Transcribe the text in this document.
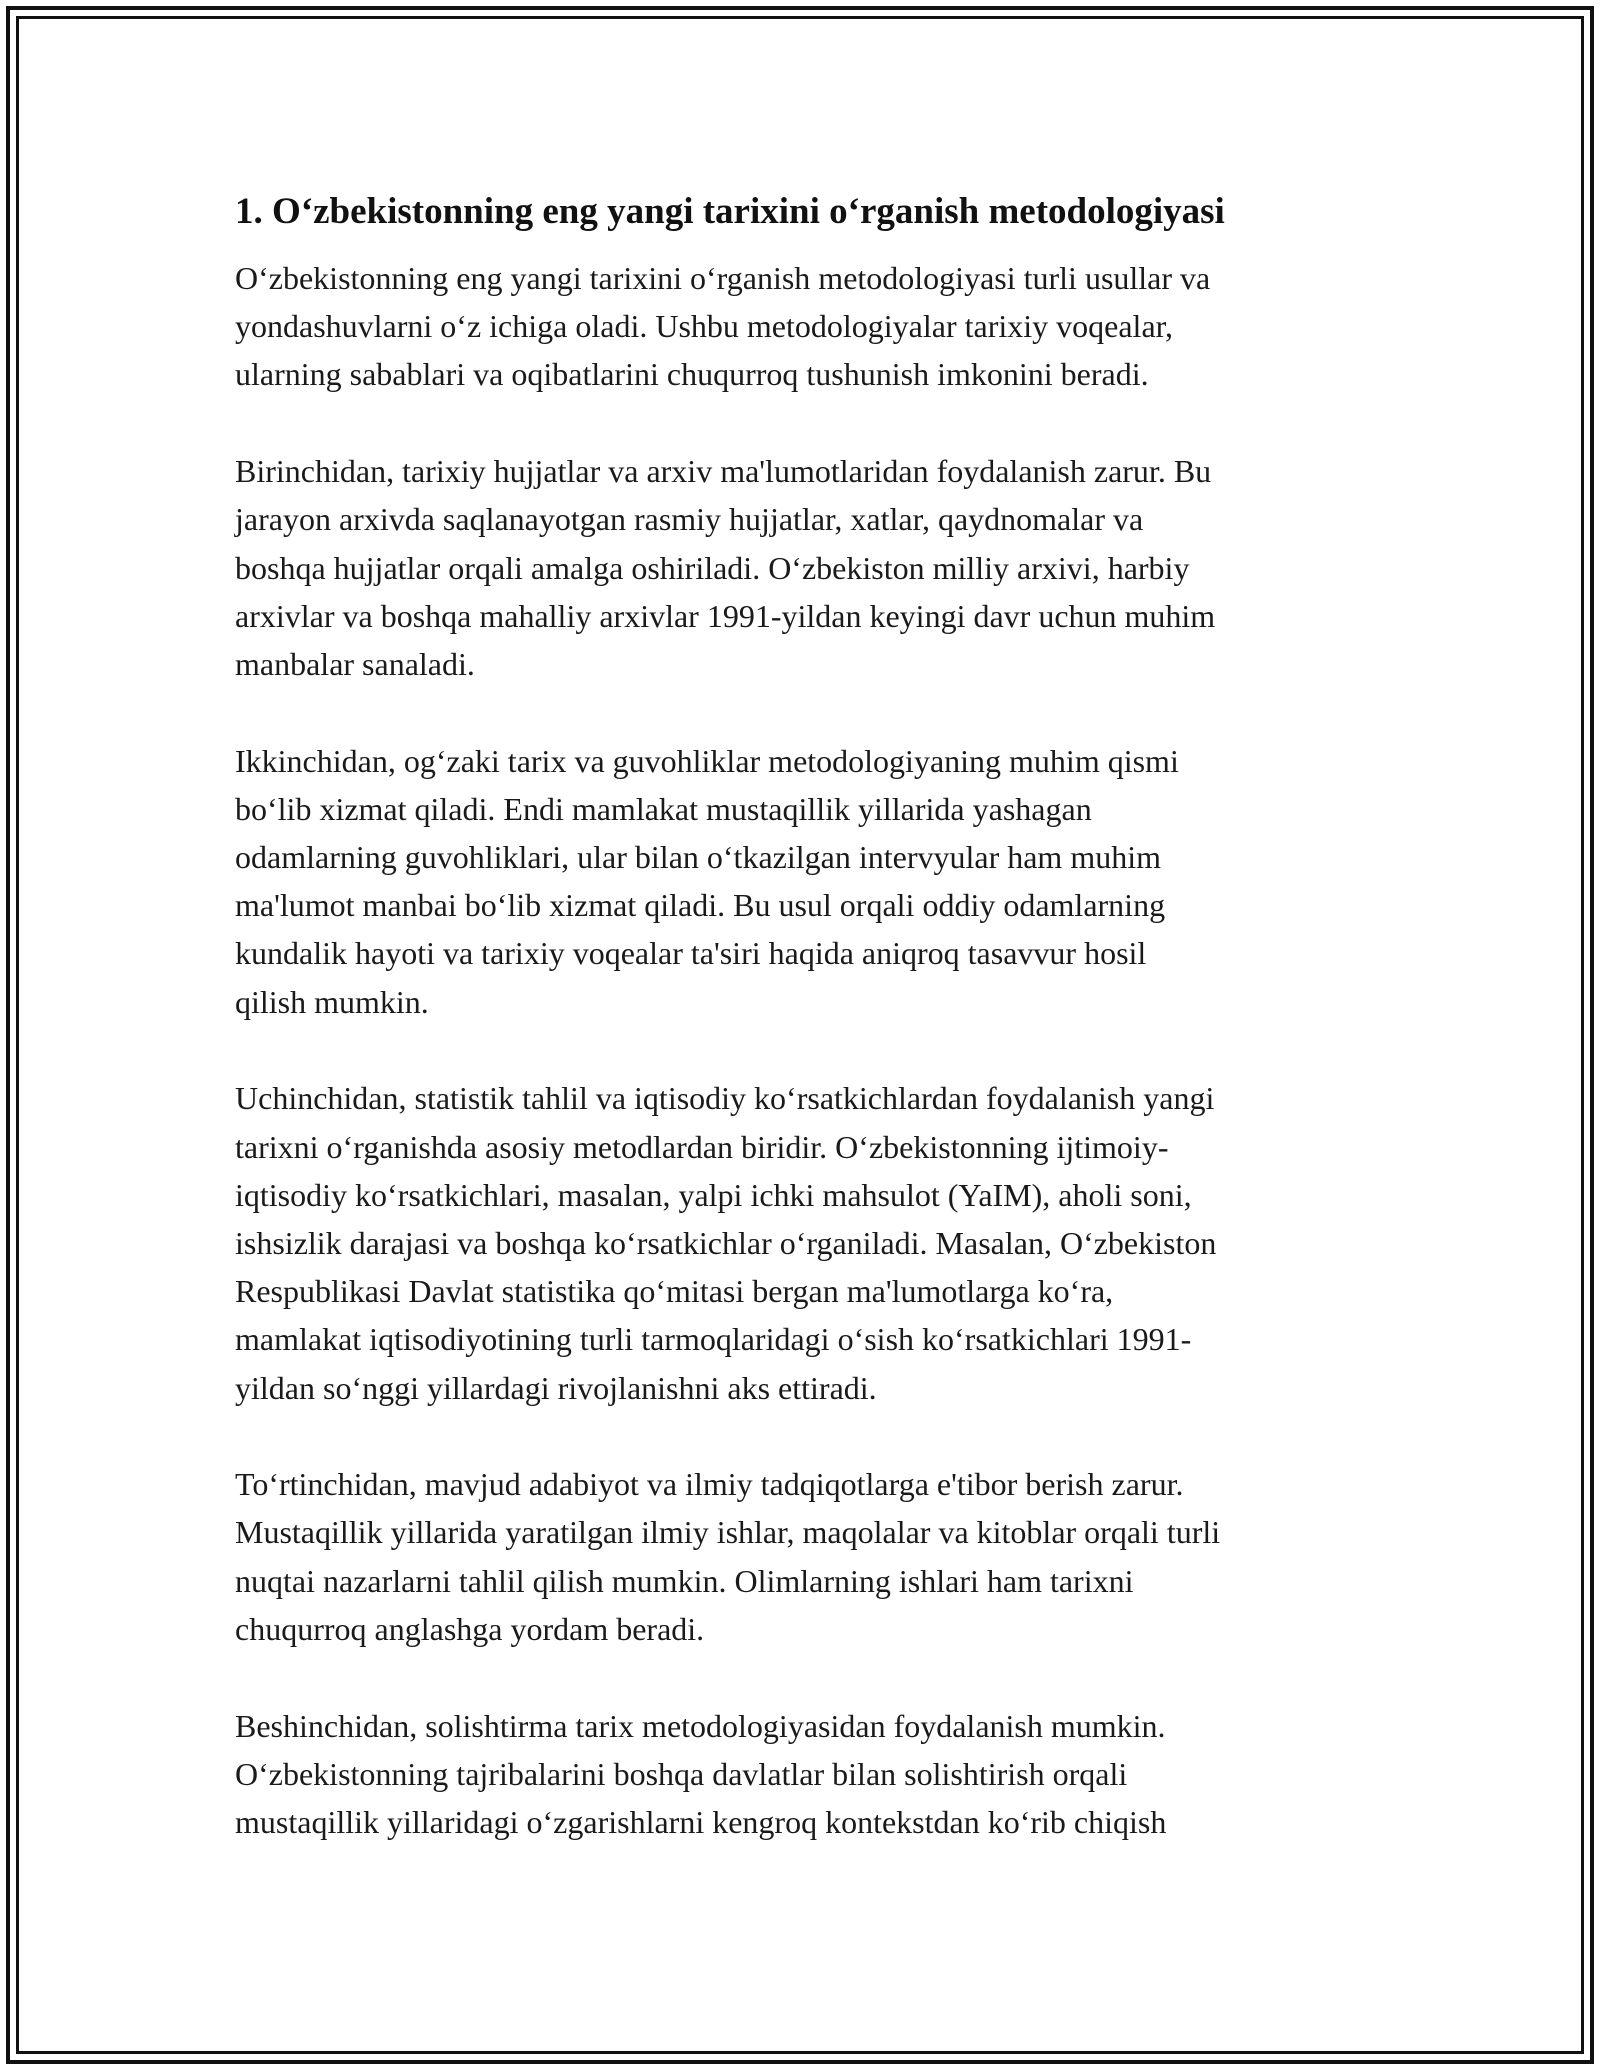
1. O‘zbekistonning eng yangi tarixini o‘rganish metodologiyasi
O‘zbekistonning eng yangi tarixini o‘rganish metodologiyasi turli usullar va
yondashuvlarni o‘z ichiga oladi. Ushbu metodologiyalar tarixiy voqealar,
ularning sabablari va oqibatlarini chuqurroq tushunish imkonini beradi.
Birinchidan, tarixiy hujjatlar va arxiv ma'lumotlaridan foydalanish zarur. Bu
jarayon arxivda saqlanayotgan rasmiy hujjatlar, xatlar, qaydnomalar va
boshqa hujjatlar orqali amalga oshiriladi. O‘zbekiston milliy arxivi, harbiy
arxivlar va boshqa mahalliy arxivlar 1991-yildan keyingi davr uchun muhim
manbalar sanaladi.
Ikkinchidan, og‘zaki tarix va guvohliklar metodologiyaning muhim qismi
bo‘lib xizmat qiladi. Endi mamlakat mustaqillik yillarida yashagan
odamlarning guvohliklari, ular bilan o‘tkazilgan intervyular ham muhim
ma'lumot manbai bo‘lib xizmat qiladi. Bu usul orqali oddiy odamlarning
kundalik hayoti va tarixiy voqealar ta'siri haqida aniqroq tasavvur hosil
qilish mumkin.
Uchinchidan, statistik tahlil va iqtisodiy ko‘rsatkichlardan foydalanish yangi
tarixni o‘rganishda asosiy metodlardan biridir. O‘zbekistonning ijtimoiy-
iqtisodiy ko‘rsatkichlari, masalan, yalpi ichki mahsulot (YaIM), aholi soni,
ishsizlik darajasi va boshqa ko‘rsatkichlar o‘rganiladi. Masalan, O‘zbekiston
Respublikasi Davlat statistika qo‘mitasi bergan ma'lumotlarga ko‘ra,
mamlakat iqtisodiyotining turli tarmoqlaridagi o‘sish ko‘rsatkichlari 1991-
yildan so‘nggi yillardagi rivojlanishni aks ettiradi.
To‘rtinchidan, mavjud adabiyot va ilmiy tadqiqotlarga e'tibor berish zarur.
Mustaqillik yillarida yaratilgan ilmiy ishlar, maqolalar va kitoblar orqali turli
nuqtai nazarlarni tahlil qilish mumkin. Olimlarning ishlari ham tarixni
chuqurroq anglashga yordam beradi.
Beshinchidan, solishtirma tarix metodologiyasidan foydalanish mumkin.
O‘zbekistonning tajribalarini boshqa davlatlar bilan solishtirish orqali
mustaqillik yillaridagi o‘zgarishlarni kengroq kontekstdan ko‘rib chiqish
